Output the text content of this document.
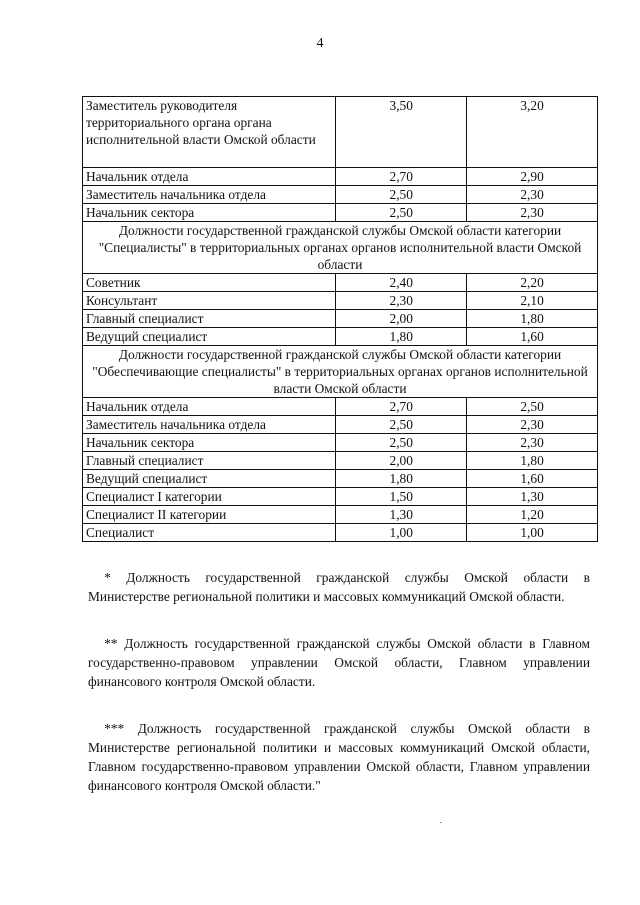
4
Заместитель руководителя территориального органа органа исполнительной власти Омской области	3,50	3,20
Начальник отдела	2,70	2,90
Заместитель начальника отдела	2,50	2,30
Начальник сектора	2,50	2,30
Должности государственной гражданской службы Омской области категории "Специалисты" в территориальных органах органов исполнительной власти Омской области		
Советник	2,40	2,20
Консультант	2,30	2,10
Главный специалист	2,00	1,80
Ведущий специалист	1,80	1,60
Должности государственной гражданской службы Омской области категории "Обеспечивающие специалисты" в территориальных органах органов исполнительной власти Омской области		
Начальник отдела	2,70	2,50
Заместитель начальника отдела	2,50	2,30
Начальник сектора	2,50	2,30
Главный специалист	2,00	1,80
Ведущий специалист	1,80	1,60
Специалист I категории	1,50	1,30
Специалист II категории	1,30	1,20
Специалист	1,00	1,00

* Должность государственной гражданской службы Омской области в Министерстве региональной политики и массовых коммуникаций Омской области.

** Должность государственной гражданской службы Омской области в Главном государственно-правовом управлении Омской области, Главном управлении финансового контроля Омской области.

*** Должность государственной гражданской службы Омской области в Министерстве региональной политики и массовых коммуникаций Омской области, Главном государственно-правовом управлении Омской области, Главном управлении финансового контроля Омской области."
